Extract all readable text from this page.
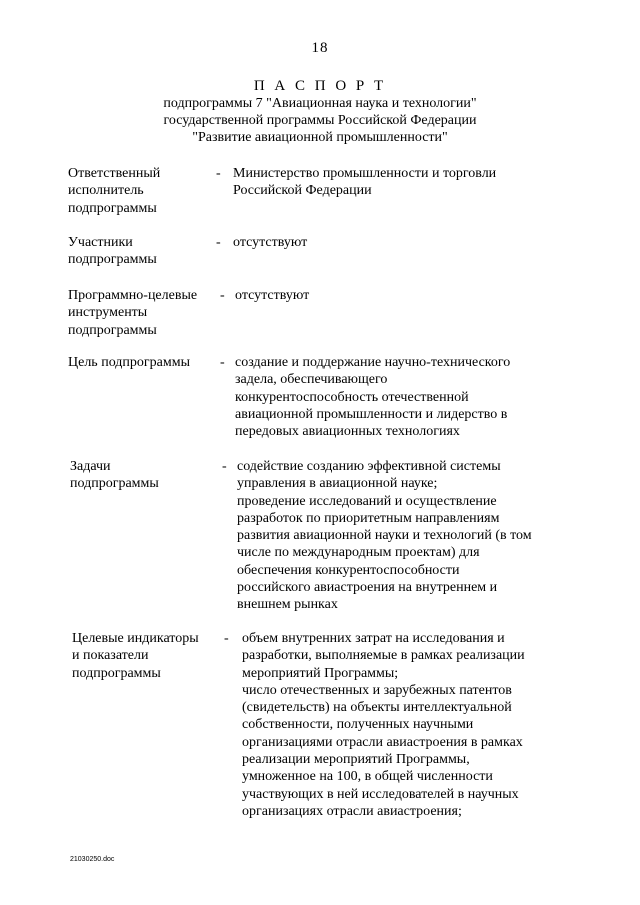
18
П А С П О Р Т
подпрограммы 7 "Авиационная наука и технологии"
государственной программы Российской Федерации
"Развитие авиационной промышленности"
Ответственный
исполнитель
подпрограммы
- Министерство промышленности и торговли
Российской Федерации
Участники
подпрограммы
- отсутствуют
Программно-целевые
инструменты
подпрограммы
- отсутствуют
Цель подпрограммы - создание и поддержание научно-технического
задела, обеспечивающего
конкурентоспособность отечественной
авиационной промышленности и лидерство в
передовых авиационных технологиях
Задачи
подпрограммы
- содействие созданию эффективной системы
управления в авиационной науке;
проведение исследований и осуществление
разработок по приоритетным направлениям
развития авиационной науки и технологий (в том
числе по международным проектам) для
обеспечения конкурентоспособности
российского авиастроения на внутреннем и
внешнем рынках
Целевые индикаторы
и показатели
подпрограммы
- объем внутренних затрат на исследования и
разработки, выполняемые в рамках реализации
мероприятий Программы;
число отечественных и зарубежных патентов
(свидетельств) на объекты интеллектуальной
собственности, полученных научными
организациями отрасли авиастроения в рамках
реализации мероприятий Программы,
умноженное на 100, в общей численности
участвующих в ней исследователей в научных
организациях отрасли авиастроения;
21030250.doc
